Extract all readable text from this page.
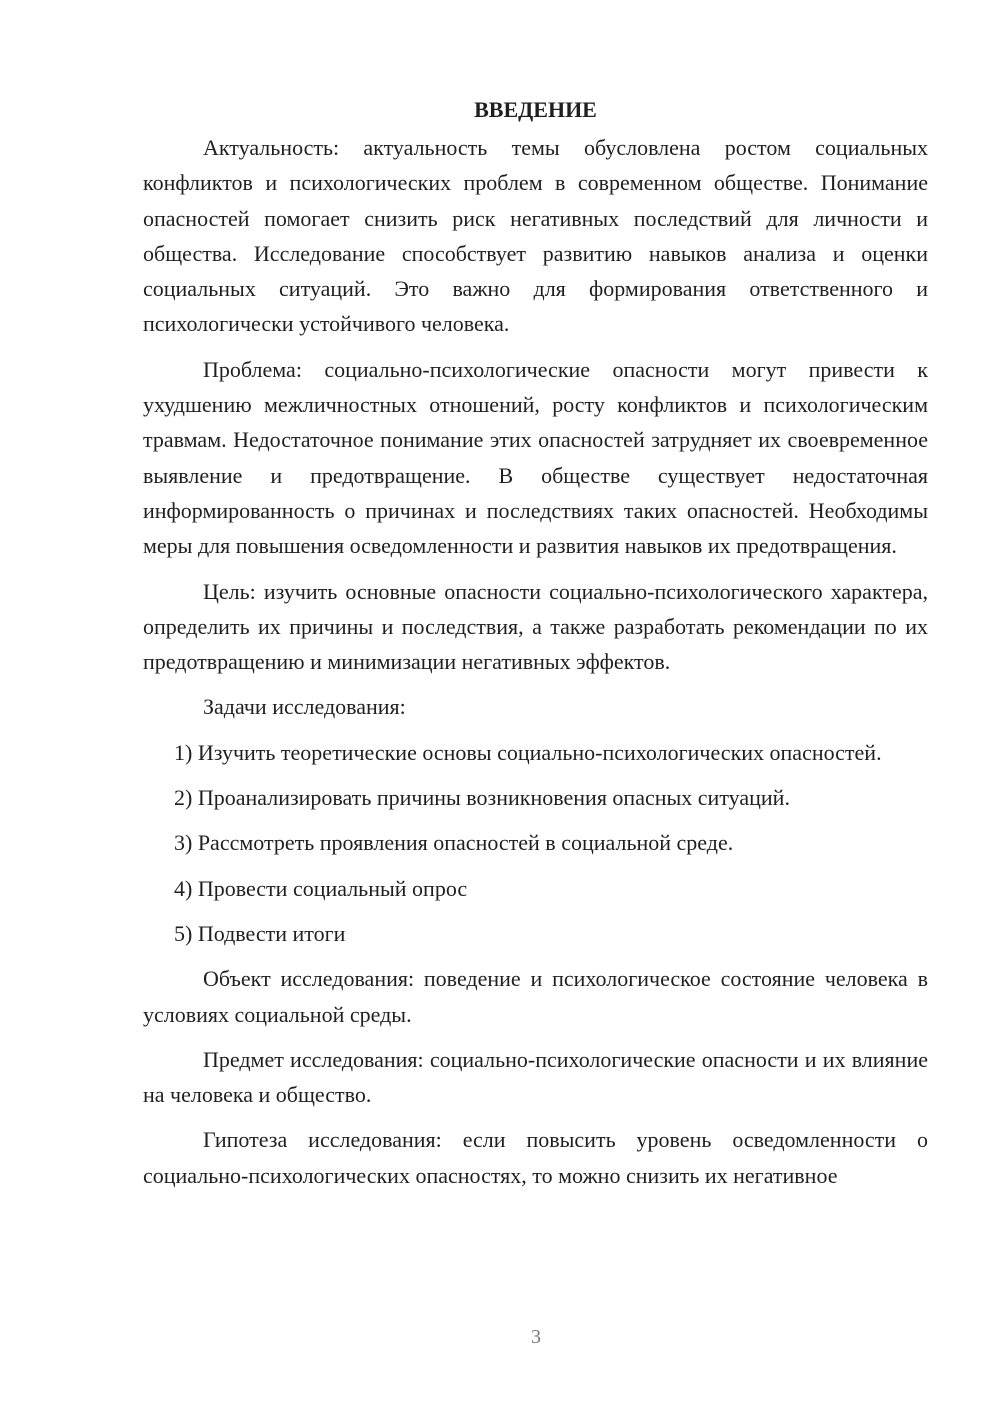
ВВЕДЕНИЕ

Актуальность: актуальность темы обусловлена ростом социальных конфликтов и психологических проблем в современном обществе. Понимание опасностей помогает снизить риск негативных последствий для личности и общества. Исследование способствует развитию навыков анализа и оценки социальных ситуаций. Это важно для формирования ответственного и психологически устойчивого человека.

Проблема: социально-психологические опасности могут привести к ухудшению межличностных отношений, росту конфликтов и психологическим травмам. Недостаточное понимание этих опасностей затрудняет их своевременное выявление и предотвращение. В обществе существует недостаточная информированность о причинах и последствиях таких опасностей. Необходимы меры для повышения осведомленности и развития навыков их предотвращения.

Цель: изучить основные опасности социально-психологического характера, определить их причины и последствия, а также разработать рекомендации по их предотвращению и минимизации негативных эффектов.

Задачи исследования:

1) Изучить теоретические основы социально-психологических опасностей.

2) Проанализировать причины возникновения опасных ситуаций.

3) Рассмотреть проявления опасностей в социальной среде.

4) Провести социальный опрос

5) Подвести итоги

Объект исследования: поведение и психологическое состояние человека в условиях социальной среды.

Предмет исследования: социально-психологические опасности и их влияние на человека и общество.

Гипотеза исследования: если повысить уровень осведомленности о социально-психологических опасностях, то можно снизить их негативное

3
